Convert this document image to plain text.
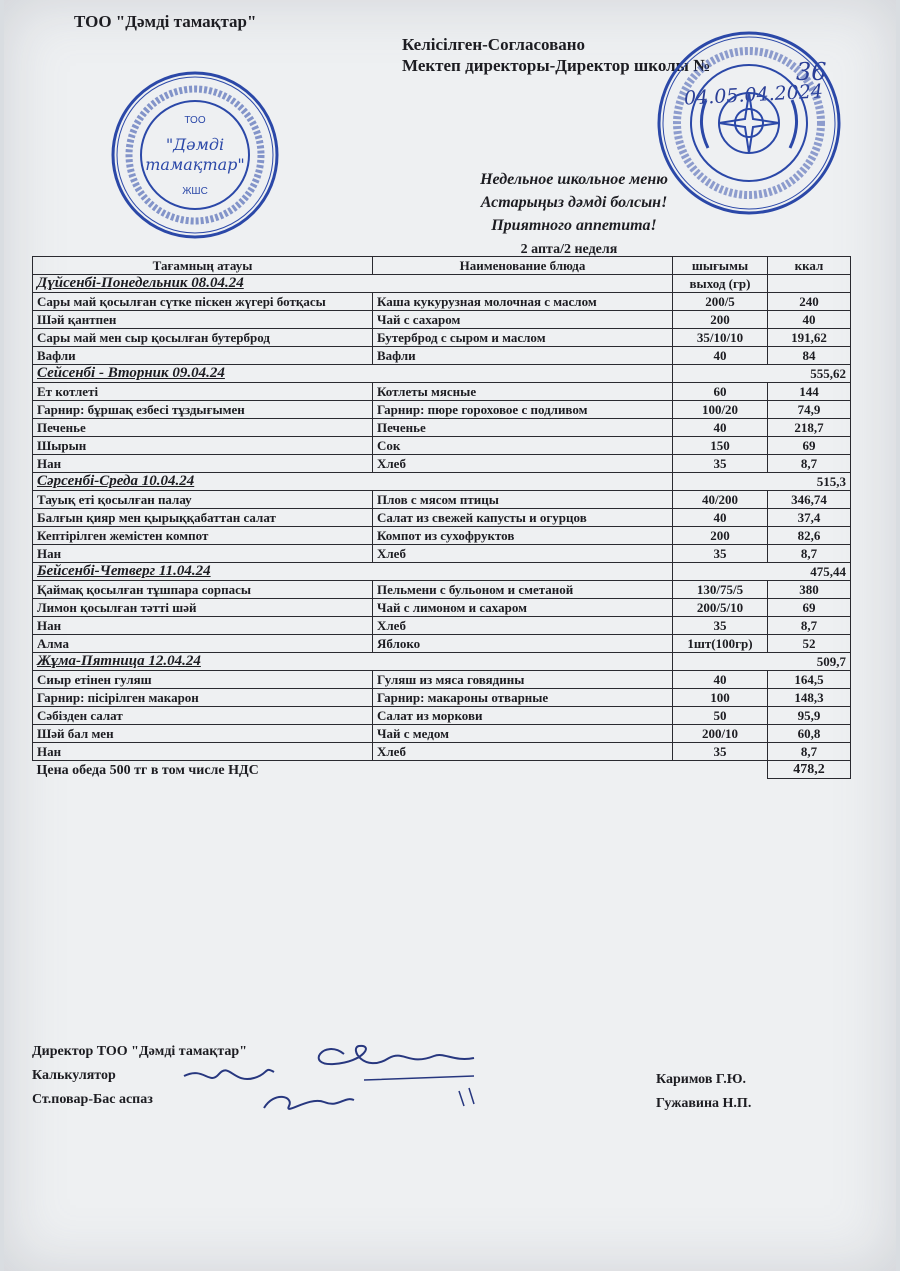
ТОО "Дәмді тамақтар"
Келісілген-Согласовано
Мектеп директоры-Директор школы №	36
04.05.04.2024
ТОО
"Дәмді
тамақтар"
ЖШС
Недельное школьное меню
Астарыңыз дәмді болсын!
Приятного аппетита!
2 апта/2 неделя
Тағамның атауы	Наименование блюда	шығымы	ккал
Дүйсенбі-Понедельник 08.04.24		выход (гр)	
Сары май қосылған сүтке піскен жүгері ботқасы	Каша кукурузная молочная с маслом	200/5	240
Шәй қантпен	Чай с сахаром	200	40
Сары май мен сыр қосылған бутерброд	Бутерброд с сыром и маслом	35/10/10	191,62
Вафли	Вафли	40	84
Сейсенбі - Вторник 09.04.24		555,62	
Ет котлеті	Котлеты мясные	60	144
Гарнир: бұршақ езбесі тұздығымен	Гарнир: пюре гороховое с подливом	100/20	74,9
Печенье	Печенье	40	218,7
Шырын	Сок	150	69
Нан	Хлеб	35	8,7
Сәрсенбі-Среда 10.04.24		515,3	
Тауық еті қосылған палау	Плов с мясом птицы	40/200	346,74
Балғын қияр мен қырыққабаттан салат	Салат из свежей капусты и огурцов	40	37,4
Кептірілген жемістен компот	Компот из сухофруктов	200	82,6
Нан	Хлеб	35	8,7
Бейсенбі-Четверг 11.04.24		475,44	
Қаймақ қосылған тұшпара сорпасы	Пельмени с бульоном и сметаной	130/75/5	380
Лимон қосылған тәтті шәй	Чай с лимоном и сахаром	200/5/10	69
Нан	Хлеб	35	8,7
Алма	Яблоко	1шт(100гр)	52
Жұма-Пятница 12.04.24		509,7	
Сиыр етінен гуляш	Гуляш из мяса говядины	40	164,5
Гарнир: пісірілген макарон	Гарнир: макароны отварные	100	148,3
Сәбізден салат	Салат из моркови	50	95,9
Шәй бал мен	Чай с медом	200/10	60,8
Нан	Хлеб	35	8,7
Цена обеда 500 тг в том числе НДС			478,2
Директор ТОО "Дәмді тамақтар"
Калькулятор
Ст.повар-Бас аспаз
Каримов Г.Ю.
Гужавина Н.П.
